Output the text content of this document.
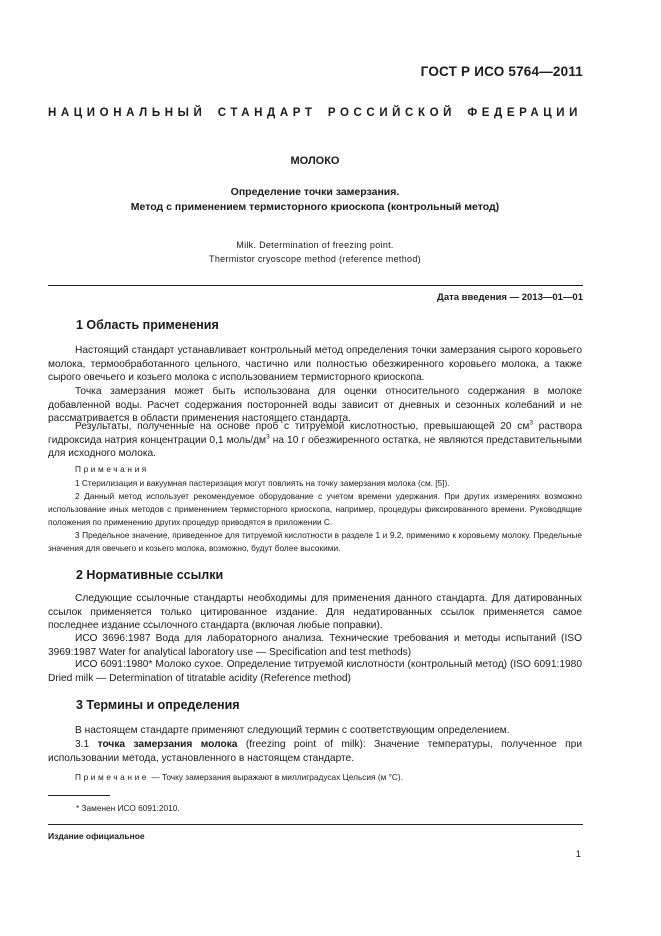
ГОСТ Р ИСО 5764—2011
НАЦИОНАЛЬНЫЙ СТАНДАРТ РОССИЙСКОЙ ФЕДЕРАЦИИ
МОЛОКО
Определение точки замерзания.
Метод с применением термисторного криоскопа (контрольный метод)
Milk. Determination of freezing point.
Thermistor cryoscope method (reference method)
Дата введения — 2013—01—01
1 Область применения
Настоящий стандарт устанавливает контрольный метод определения точки замерзания сырого коровьего молока, термообработанного цельного, частично или полностью обезжиренного коровьего молока, а также сырого овечьего и козьего молока с использованием термисторного криоскопа.
Точка замерзания может быть использована для оценки относительного содержания в молоке добавленной воды. Расчет содержания посторонней воды зависит от дневных и сезонных колебаний и не рассматривается в области применения настоящего стандарта.
Результаты, полученные на основе проб с титруемой кислотностью, превышающей 20 $см^3$ раствора гидроксида натрия концентрации 0,1 моль/$дм^3$ на 10 г обезжиренного остатка, не являются представительными для исходного молока.
Примечания
1 Стерилизация и вакуумная пастеризация могут повлиять на точку замерзания молока (см. [5]).
2 Данный метод использует рекомендуемое оборудование с учетом времени удержания. При других измерениях возможно использование иных методов с применением термисторного криоскопа, например, процедуры фиксированного времени. Руководящие положения по применению других процедур приводятся в приложении С.
3 Предельное значение, приведенное для титруемой кислотности в разделе 1 и 9.2, применимо к коровьему молоку. Предельные значения для овечьего и козьего молока, возможно, будут более высокими.
2 Нормативные ссылки
Следующие ссылочные стандарты необходимы для применения данного стандарта. Для датированных ссылок применяется только цитированное издание. Для недатированных ссылок применяется самое последнее издание ссылочного стандарта (включая любые поправки).
ИСО 3696:1987 Вода для лабораторного анализа. Технические требования и методы испытаний (ISO 3969:1987 Water for analytical laboratory use — Specification and test methods)
ИСО 6091:1980* Молоко сухое. Определение титруемой кислотности (контрольный метод) (ISO 6091:1980 Dried milk — Determination of titratable acidity (Reference method)
3 Термины и определения
В настоящем стандарте применяют следующий термин с соответствующим определением.
3.1 точка замерзания молока (freezing point of milk): Значение температуры, полученное при использовании метода, установленного в настоящем стандарте.
Примечание — Точку замерзания выражают в миллиградусах Цельсия (м °С).
* Заменен ИСО 6091:2010.
Издание официальное
1
